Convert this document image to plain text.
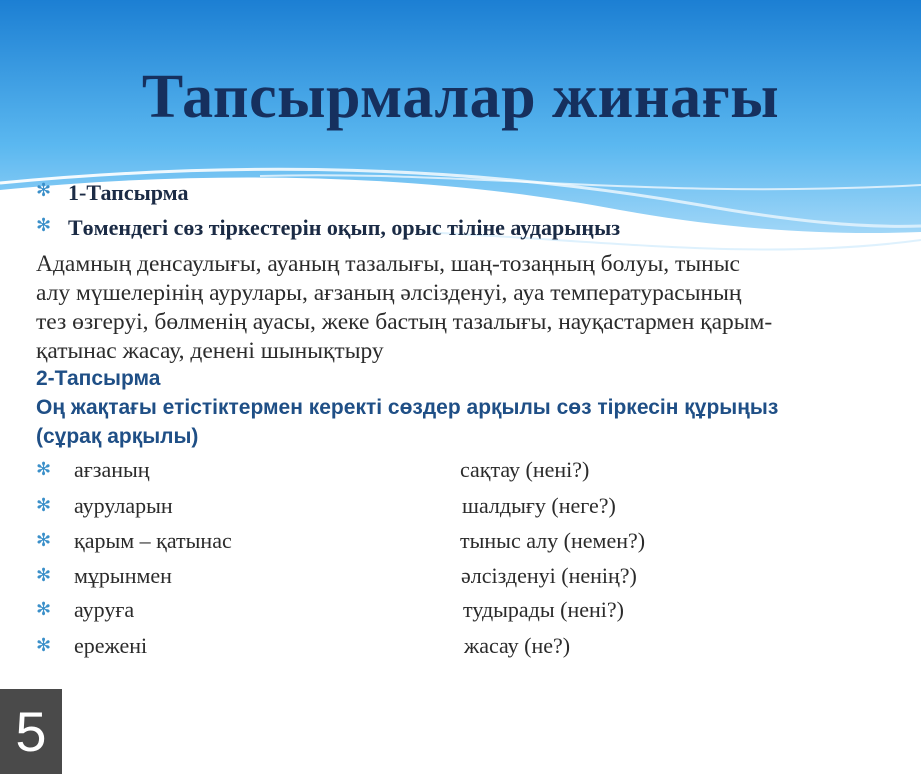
Тапсырмалар жинағы
✻ 1-Тапсырма
✻ Төмендегі сөз тіркестерін оқып, орыс тіліне аударыңыз
Адамның денсаулығы, ауаның тазалығы, шаң-тозаңның болуы, тыныс
алу мүшелерінің аурулары, ағзаның әлсізденуі, ауа температурасының
тез өзгеруі, бөлменің ауасы, жеке бастың тазалығы, науқастармен қарым-
қатынас жасау, денені шынықтыру
2-Тапсырма
Оң жақтағы етістіктермен керекті сөздер арқылы сөз тіркесін құрыңыз
(сұрақ арқылы)
✻ ағзаның	сақтау (нені?)
✻ ауруларын	шалдығу (неге?)
✻ қарым – қатынас	тыныс алу (немен?)
✻ мұрынмен	әлсізденуі (ненің?)
✻ ауруға	тудырады (нені?)
✻ ережені	жасау (не?)
5
